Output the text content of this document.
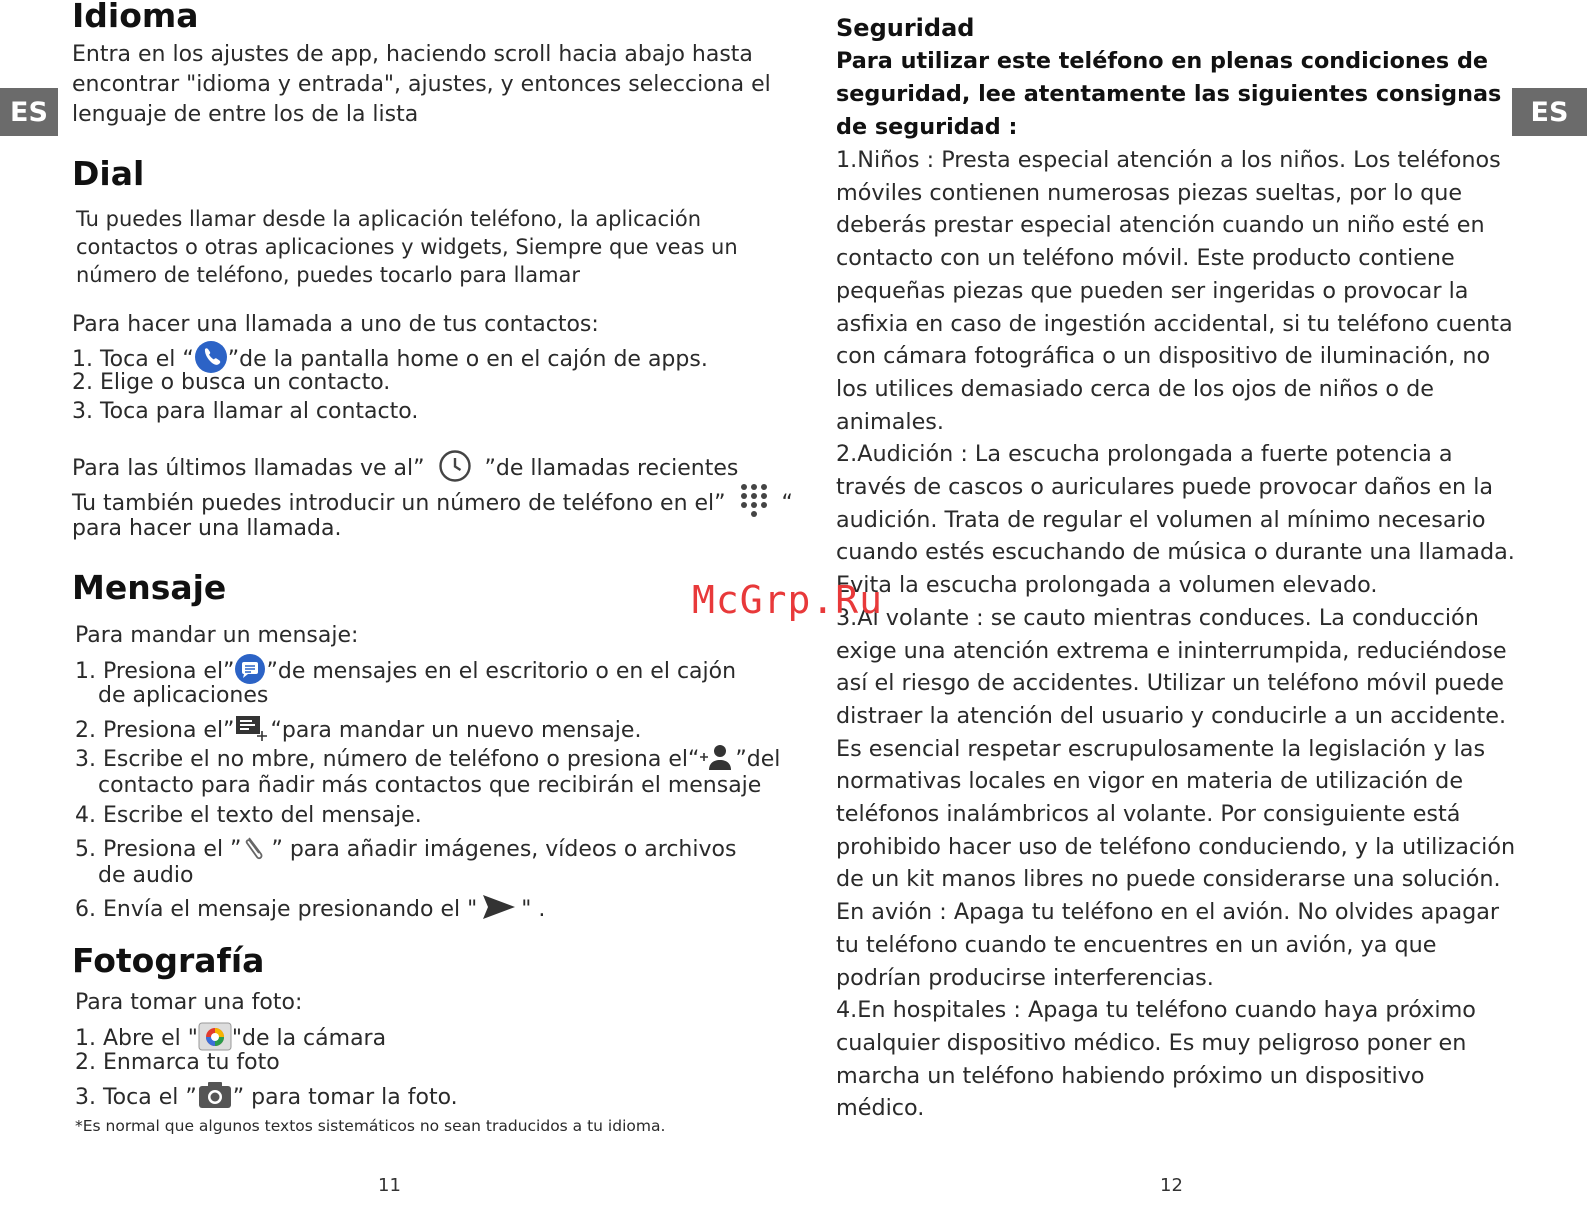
ES	ES
Idioma
Entra en los ajustes de app, haciendo scroll hacia abajo hasta
encontrar "idioma y entrada", ajustes, y entonces selecciona el
lenguaje de entre los de la lista
Dial
Tu puedes llamar desde la aplicación teléfono, la aplicación
contactos o otras aplicaciones y widgets, Siempre que veas un
número de teléfono, puedes tocarlo para llamar
Para hacer una llamada a uno de tus contactos:
1. Toca el “ ”de la pantalla home o en el cajón de apps.
2. Elige o busca un contacto.
3. Toca para llamar al contacto.
Para las últimos llamadas ve al”	”de llamadas recientes
Tu también puedes introducir un número de teléfono en el”	“
para hacer una llamada.
Mensaje
Para mandar un mensaje:
1. Presiona el” ”de mensajes en el escritorio o en el cajón
de aplicaciones
2. Presiona el” “para mandar un nuevo mensaje.
3. Escribe el no mbre, número de teléfono o presiona el“ ”del
contacto para ñadir más contactos que recibirán el mensaje
4. Escribe el texto del mensaje.
5. Presiona el ” ” para añadir imágenes, vídeos o archivos
de audio
6. Envía el mensaje presionando el " " .
Fotografía
Para tomar una foto:
1. Abre el " "de la cámara
2. Enmarca tu foto
3. Toca el ” ” para tomar la foto.
*Es normal que algunos textos sistemáticos no sean traducidos a tu idioma.
11
Seguridad
Para utilizar este teléfono en plenas condiciones de seguridad, lee atentamente las siguientes consignas de seguridad :

1.Niños : Presta especial atención a los niños. Los teléfonos móviles contienen numerosas piezas sueltas, por lo que deberás prestar especial atención cuando un niño esté en contacto con un teléfono móvil. Este producto contiene pequeñas piezas que pueden ser ingeridas o provocar la asfixia en caso de ingestión accidental, si tu teléfono cuenta con cámara fotográfica o un dispositivo de iluminación, no los utilices demasiado cerca de los ojos de niños o de animales.

2.Audición : La escucha prolongada a fuerte potencia a través de cascos o auriculares puede provocar daños en la audición. Trata de regular el volumen al mínimo necesario cuando estés escuchando de música o durante una llamada. Evita la escucha prolongada a volumen elevado.

3.Al volante : se cauto mientras conduces. La conducción exige una atención extrema e ininterrumpida, reduciéndose así el riesgo de accidentes. Utilizar un teléfono móvil puede distraer la atención del usuario y conducirle a un accidente. Es esencial respetar escrupulosamente la legislación y las normativas locales en vigor en materia de utilización de teléfonos inalámbricos al volante. Por consiguiente está prohibido hacer uso de teléfono conduciendo, y la utilización de un kit manos libres no puede considerarse una solución. En avión : Apaga tu teléfono en el avión. No olvides apagar tu teléfono cuando te encuentres en un avión, ya que podrían producirse interferencias.

4.En hospitales : Apaga tu teléfono cuando haya próximo cualquier dispositivo médico. Es muy peligroso poner en marcha un teléfono habiendo próximo un dispositivo médico.

12
McGrp.Ru
